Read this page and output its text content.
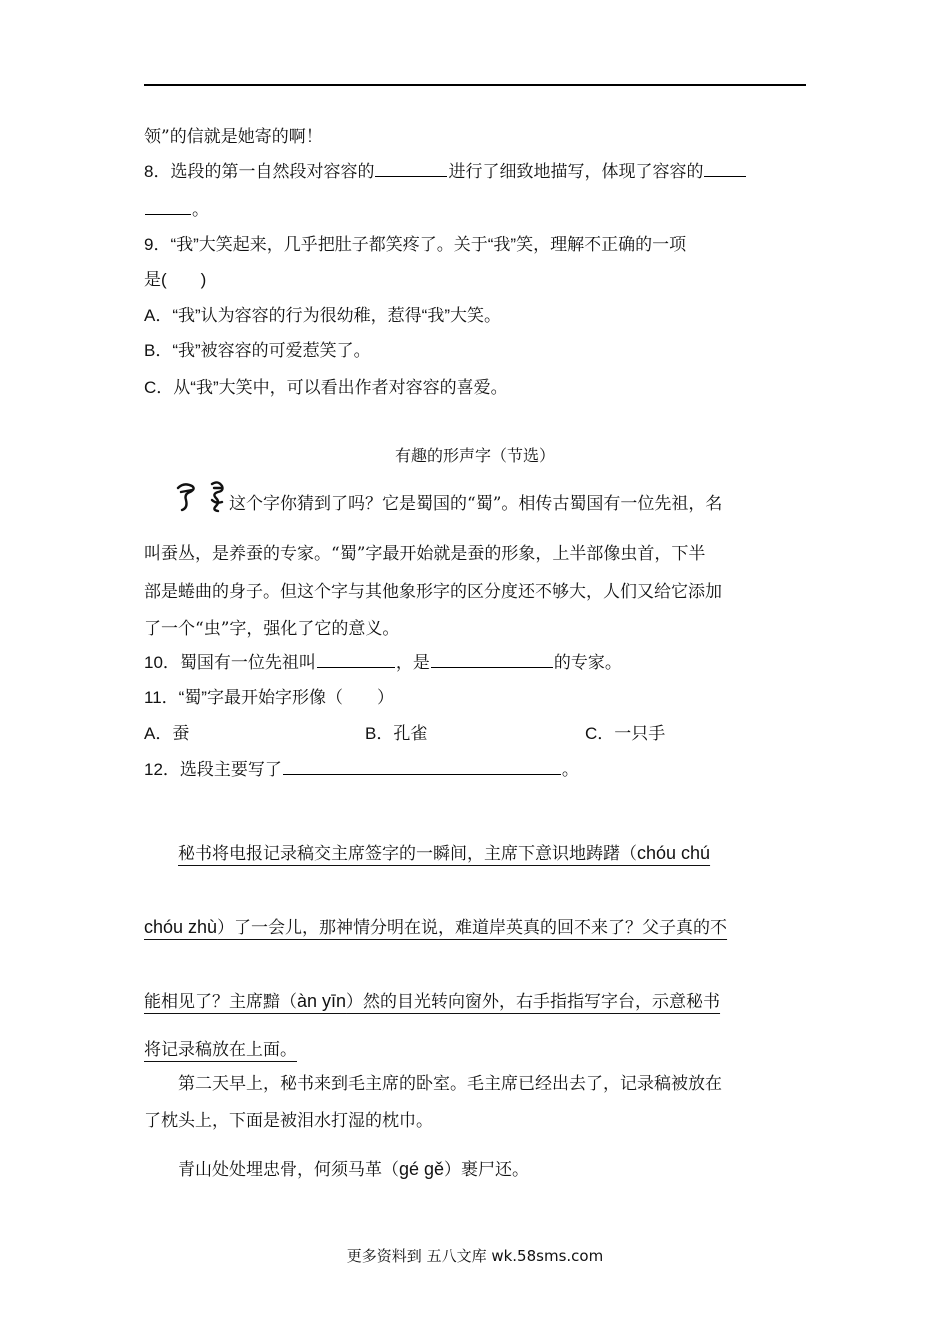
领”的信就是她寄的啊！
8．选段的第一自然段对容容的	进行了细致地描写，体现了容容的
。
9．“我”大笑起来，几乎把肚子都笑疼了。关于“我”笑，理解不正确的一项
是(　　)
A．“我”认为容容的行为很幼稚，惹得“我”大笑。
B．“我”被容容的可爱惹笑了。
C．从“我”大笑中，可以看出作者对容容的喜爱。
有趣的形声字（节选）
这个字你猜到了吗？它是蜀国的“蜀”。相传古蜀国有一位先祖，名
叫蚕丛，是养蚕的专家。“蜀”字最开始就是蚕的形象，上半部像虫首，下半
部是蜷曲的身子。但这个字与其他象形字的区分度还不够大，人们又给它添加
了一个“虫”字，强化了它的意义。
10．蜀国有一位先祖叫	，是	的专家。
11．“蜀”字最开始字形像（　　）
A．蚕	B．孔雀	C．一只手
12．选段主要写了	。
秘书将电报记录稿交主席签字的一瞬间，主席下意识地踌躇（chóu chú
chóu zhù）了一会儿，那神情分明在说，难道岸英真的回不来了？父子真的不
能相见了？主席黯（àn yīn）然的目光转向窗外，右手指指写字台，示意秘书
将记录稿放在上面。
第二天早上，秘书来到毛主席的卧室。毛主席已经出去了，记录稿被放在
了枕头上，下面是被泪水打湿的枕巾。
青山处处埋忠骨，何须马革（gé gě）裹尸还。
更多资料到 五八文库 wk.58sms.com
